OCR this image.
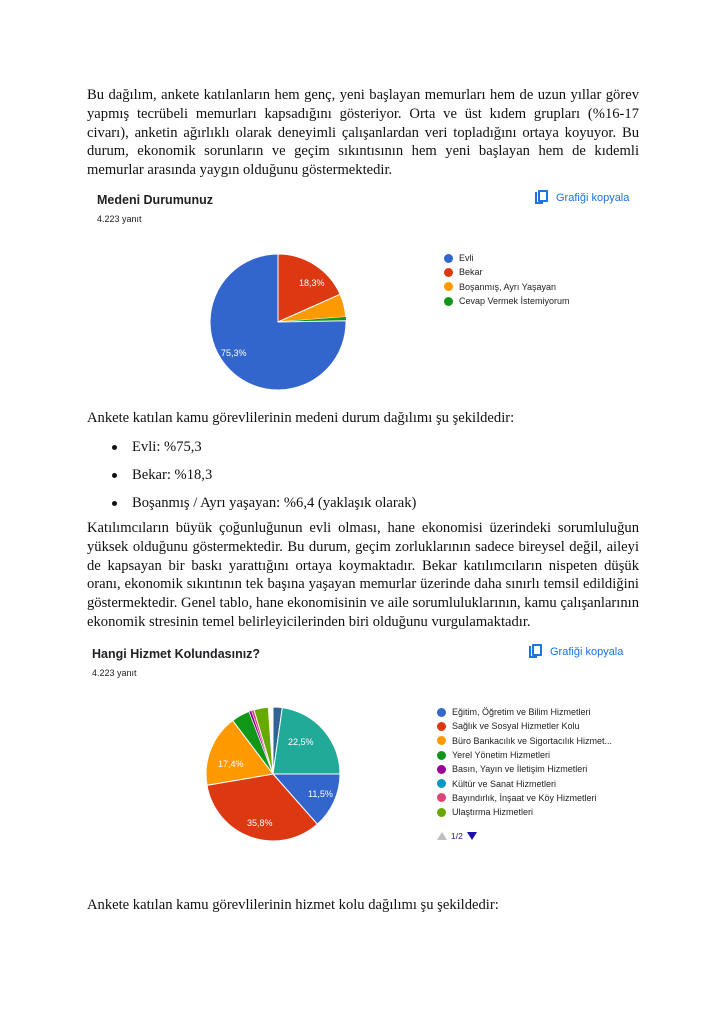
Bu dağılım, ankete katılanların hem genç, yeni başlayan memurları hem de uzun yıllar görev yapmış tecrübeli memurları kapsadığını gösteriyor. Orta ve üst kıdem grupları (%16-17 civarı), anketin ağırlıklı olarak deneyimli çalışanlardan veri topladığını ortaya koyuyor. Bu durum, ekonomik sorunların ve geçim sıkıntısının hem yeni başlayan hem de kıdemli memurlar arasında yaygın olduğunu göstermektedir.

Medeni Durumunuz
4.223 yanıt
Grafiği kopyala
18,3%
75,3%
Evli
Bekar
Boşanmış, Ayrı Yaşayan
Cevap Vermek İstemiyorum

Ankete katılan kamu görevlilerinin medeni durum dağılımı şu şekildedir:

Evli: %75,3
Bekar: %18,3
Boşanmış / Ayrı yaşayan: %6,4 (yaklaşık olarak)

Katılımcıların büyük çoğunluğunun evli olması, hane ekonomisi üzerindeki sorumluluğun yüksek olduğunu göstermektedir. Bu durum, geçim zorluklarının sadece bireysel değil, aileyi de kapsayan bir baskı yarattığını ortaya koymaktadır. Bekar katılımcıların nispeten düşük oranı, ekonomik sıkıntının tek başına yaşayan memurlar üzerinde daha sınırlı temsil edildiğini göstermektedir. Genel tablo, hane ekonomisinin ve aile sorumluluklarının, kamu çalışanlarının ekonomik stresinin temel belirleyicilerinden biri olduğunu vurgulamaktadır.

Hangi Hizmet Kolundasınız?
4.223 yanıt
Grafiği kopyala
22,5%
11,5%
17,4%
35,8%
Eğitim, Öğretim ve Bilim Hizmetleri
Sağlık ve Sosyal Hizmetler Kolu
Büro Bankacılık ve Sigortacılık Hizmet...
Yerel Yönetim Hizmetleri
Basın, Yayın ve İletişim Hizmetleri
Kültür ve Sanat Hizmetleri
Bayındırlık, İnşaat ve Köy Hizmetleri
Ulaştırma Hizmetleri
1/2

Ankete katılan kamu görevlilerinin hizmet kolu dağılımı şu şekildedir:
